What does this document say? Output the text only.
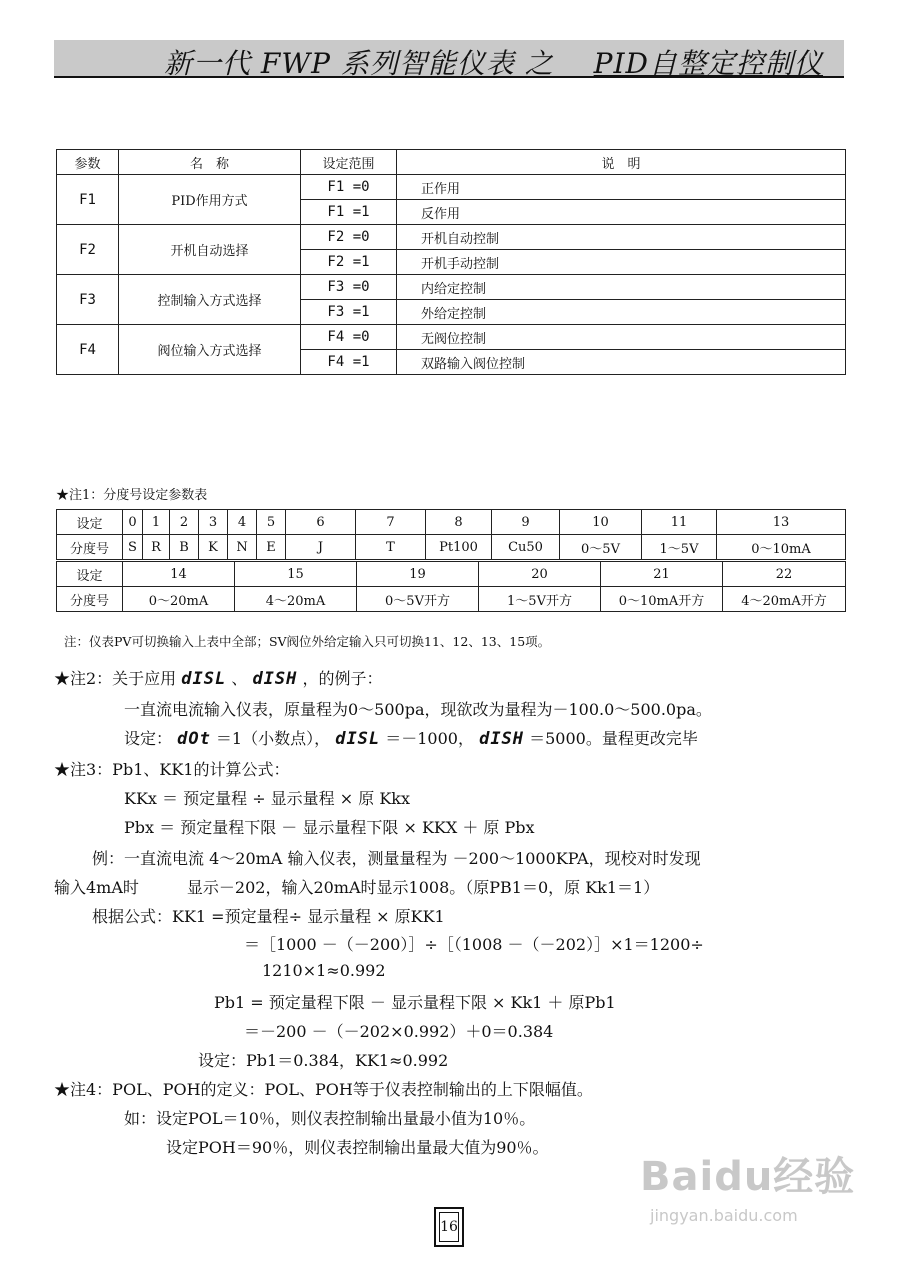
新一代 FWP 系列智能仪表 之 PID自整定控制仪
参数	名　称	设定范围	说　明
F1	PID作用方式	F1 =0	正作用
		F1 =1	反作用
F2	开机自动选择	F2 =0	开机自动控制
		F2 =1	开机手动控制
F3	控制输入方式选择	F3 =0	内给定控制
		F3 =1	外给定控制
F4	阀位输入方式选择	F4 =0	无阀位控制
		F4 =1	双路输入阀位控制
★注1：分度号设定参数表
设定	0	1	2	3	4	5	6	7	8	9	10	11	13
分度号	S	R	B	K	N	E	J	T	Pt100	Cu50	0～5V	1～5V	0～10mA
设定	14	15	19	20	21	22
分度号	0～20mA	4～20mA	0～5V开方	1～5V开方	0～10mA开方	4～20mA开方
注：仪表PV可切换输入上表中全部；SV阀位外给定输入只可切换11、12、13、15项。
★注2：关于应用 dISL 、 dISH ，的例子：
一直流电流输入仪表，原量程为0～500pa，现欲改为量程为－100.0～500.0pa。
设定： dOt ＝1（小数点）， dISL ＝－1000， dISH ＝5000。量程更改完毕
★注3：Pb1、KK1的计算公式：
KKx ＝ 预定量程 ÷ 显示量程 × 原 Kkx
Pbx ＝ 预定量程下限 － 显示量程下限 × KKX ＋ 原 Pbx
例：一直流电流 4～20mA 输入仪表，测量量程为 －200～1000KPA，现校对时发现
输入4mA时　　　显示－202，输入20mA时显示1008。（原PB1＝0，原 Kk1＝1）
根据公式：KK1 =预定量程÷ 显示量程 × 原KK1
＝［1000 －（－200）］÷［（1008 －（－202）］×1＝1200÷
1210×1≈0.992
Pb1 = 预定量程下限 － 显示量程下限 × Kk1 ＋ 原Pb1
＝－200 －（－202×0.992）＋0＝0.384
设定：Pb1＝0.384，KK1≈0.992
★注4：POL、POH的定义：POL、POH等于仪表控制输出的上下限幅值。
如：设定POL＝10％，则仪表控制输出量最小值为10％。
设定POH＝90％，则仪表控制输出量最大值为90％。
16
Baidu经验
jingyan.baidu.com
